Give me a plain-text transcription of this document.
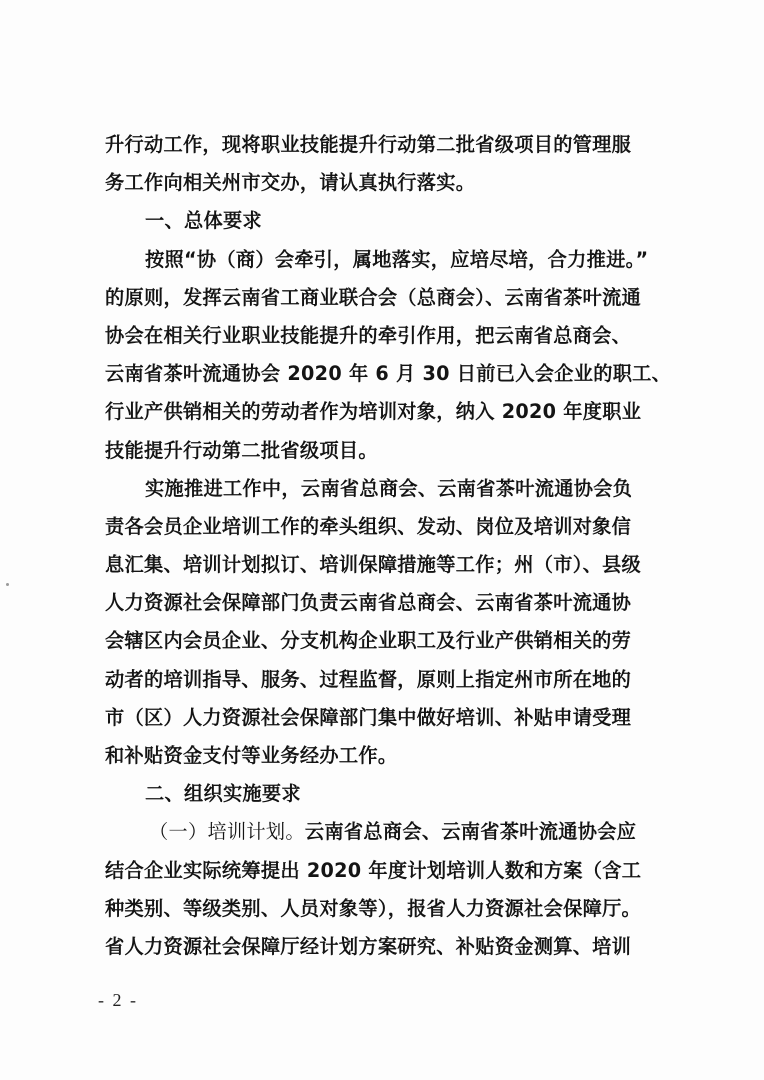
升行动工作，现将职业技能提升行动第二批省级项目的管理服
务工作向相关州市交办，请认真执行落实。
一、总体要求
按照“协（商）会牵引，属地落实，应培尽培，合力推进。”
的原则，发挥云南省工商业联合会（总商会）、云南省茶叶流通
协会在相关行业职业技能提升的牵引作用，把云南省总商会、
云南省茶叶流通协会 2020 年 6 月 30 日前已入会企业的职工、
行业产供销相关的劳动者作为培训对象，纳入 2020 年度职业
技能提升行动第二批省级项目。
实施推进工作中，云南省总商会、云南省茶叶流通协会负
责各会员企业培训工作的牵头组织、发动、岗位及培训对象信
息汇集、培训计划拟订、培训保障措施等工作；州（市）、县级
人力资源社会保障部门负责云南省总商会、云南省茶叶流通协
会辖区内会员企业、分支机构企业职工及行业产供销相关的劳
动者的培训指导、服务、过程监督，原则上指定州市所在地的
市（区）人力资源社会保障部门集中做好培训、补贴申请受理
和补贴资金支付等业务经办工作。
二、组织实施要求
（一）培训计划。云南省总商会、云南省茶叶流通协会应
结合企业实际统筹提出 2020 年度计划培训人数和方案（含工
种类别、等级类别、人员对象等），报省人力资源社会保障厅。
省人力资源社会保障厅经计划方案研究、补贴资金测算、培训
- 2 -
